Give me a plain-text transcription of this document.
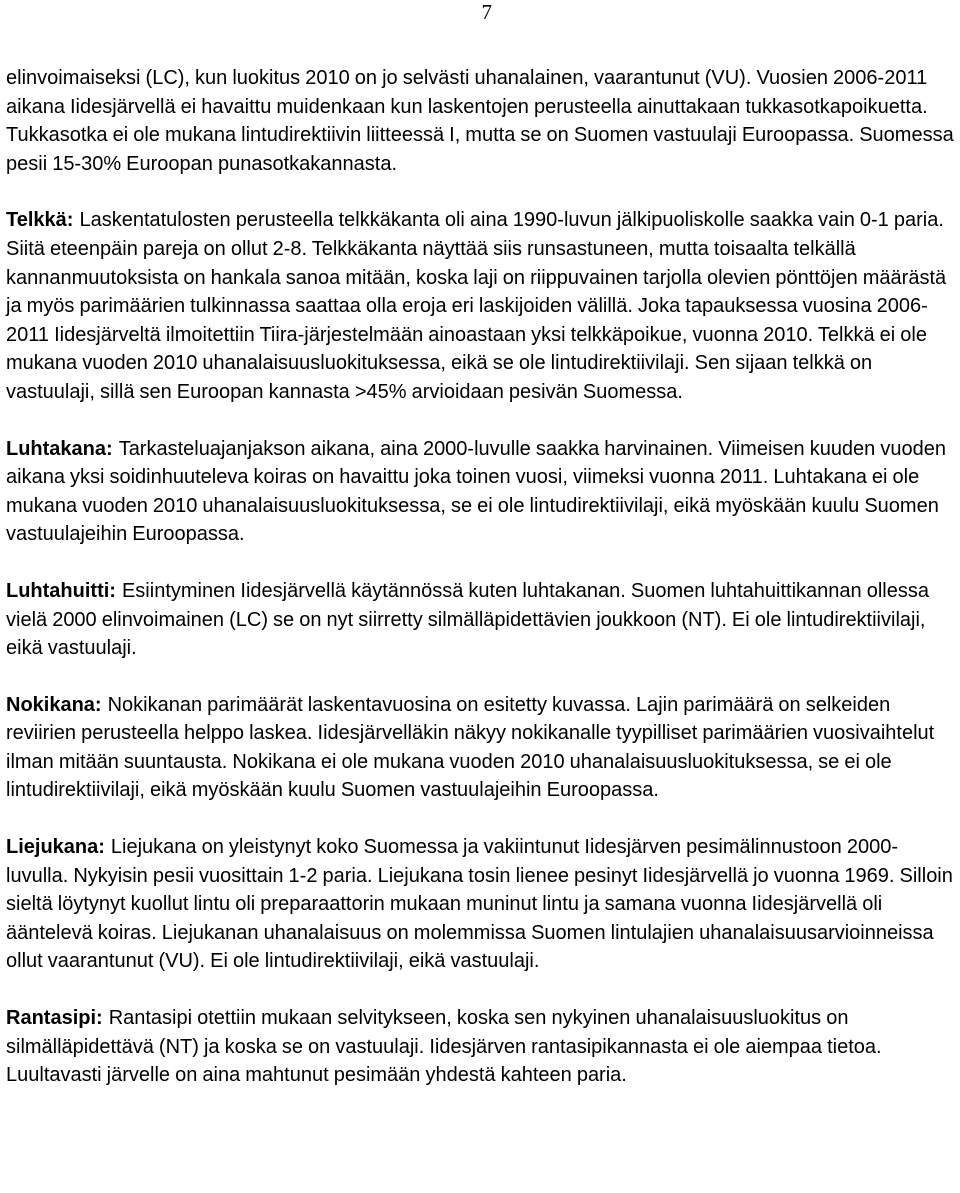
7

elinvoimaiseksi (LC), kun luokitus 2010 on jo selvästi uhanalainen, vaarantunut (VU). Vuosien 2006-2011 aikana Iidesjärvellä ei havaittu muidenkaan kun laskentojen perusteella ainuttakaan tukkasotkapoikuetta. Tukkasotka ei ole mukana lintudirektiivin liitteessä I, mutta se on Suomen vastuulaji Euroopassa. Suomessa pesii 15-30% Euroopan punasotkakannasta.

Telkkä: Laskentatulosten perusteella telkkäkanta oli aina 1990-luvun jälkipuoliskolle saakka vain 0-1 paria. Siitä eteenpäin pareja on ollut 2-8. Telkkäkanta näyttää siis runsastuneen, mutta toisaalta telkällä kannanmuutoksista on hankala sanoa mitään, koska laji on riippuvainen tarjolla olevien pönttöjen määrästä ja myös parimäärien tulkinnassa saattaa olla eroja eri laskijoiden välillä. Joka tapauksessa vuosina 2006-2011 Iidesjärveltä ilmoitettiin Tiira-järjestelmään ainoastaan yksi telkkäpoikue, vuonna 2010. Telkkä ei ole mukana vuoden 2010 uhanalaisuusluokituksessa, eikä se ole lintudirektiivilaji. Sen sijaan telkkä on vastuulaji, sillä sen Euroopan kannasta >45% arvioidaan pesivän Suomessa.

Luhtakana: Tarkasteluajanjakson aikana, aina 2000-luvulle saakka harvinainen. Viimeisen kuuden vuoden aikana yksi soidinhuuteleva koiras on havaittu joka toinen vuosi, viimeksi vuonna 2011. Luhtakana ei ole mukana vuoden 2010 uhanalaisuusluokituksessa, se ei ole lintudirektiivilaji, eikä myöskään kuulu Suomen vastuulajeihin Euroopassa.

Luhtahuitti: Esiintyminen Iidesjärvellä käytännössä kuten luhtakanan. Suomen luhtahuittikannan ollessa vielä 2000 elinvoimainen (LC) se on nyt siirretty silmälläpidettävien joukkoon (NT). Ei ole lintudirektiivilaji, eikä vastuulaji.

Nokikana: Nokikanan parimäärät laskentavuosina on esitetty kuvassa. Lajin parimäärä on selkeiden reviirien perusteella helppo laskea. Iidesjärvelläkin näkyy nokikanalle tyypilliset parimäärien vuosivaihtelut ilman mitään suuntausta. Nokikana ei ole mukana vuoden 2010 uhanalaisuusluokituksessa, se ei ole lintudirektiivilaji, eikä myöskään kuulu Suomen vastuulajeihin Euroopassa.

Liejukana: Liejukana on yleistynyt koko Suomessa ja vakiintunut Iidesjärven pesimälinnustoon 2000-luvulla. Nykyisin pesii vuosittain 1-2 paria. Liejukana tosin lienee pesinyt Iidesjärvellä jo vuonna 1969. Silloin sieltä löytynyt kuollut lintu oli preparaattorin mukaan muninut lintu ja samana vuonna Iidesjärvellä oli ääntelevä koiras. Liejukanan uhanalaisuus on molemmissa Suomen lintulajien uhanalaisuusarvioinneissa ollut vaarantunut (VU). Ei ole lintudirektiivilaji, eikä vastuulaji.

Rantasipi: Rantasipi otettiin mukaan selvitykseen, koska sen nykyinen uhanalaisuusluokitus on silmälläpidettävä (NT) ja koska se on vastuulaji. Iidesjärven rantasipikannasta ei ole aiempaa tietoa. Luultavasti järvelle on aina mahtunut pesimään yhdestä kahteen paria.
